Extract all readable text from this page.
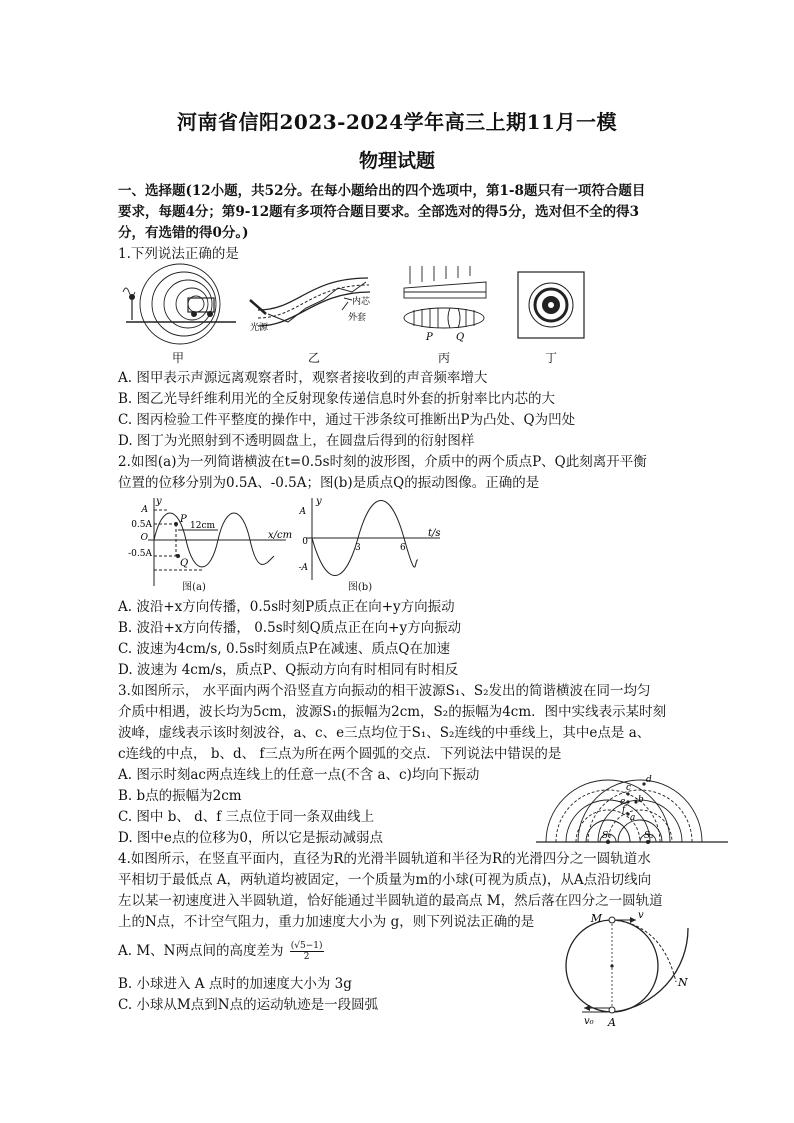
河南省信阳2023-2024学年高三上期11月一模
物理试题
一、选择题(12小题，共52分。在每小题给出的四个选项中，第1-8题只有一项符合题目
要求，每题4分；第9-12题有多项符合题目要求。全部选对的得5分，选对但不全的得3
分，有选错的得0分。)
1.下列说法正确的是
甲
光源
内芯
外套
乙
P Q
丙	丁
A. 图甲表示声源远离观察者时，观察者接收到的声音频率增大
B. 图乙光导纤维利用光的全反射现象传递信息时外套的折射率比内芯的大
C. 图丙检验工件平整度的操作中，通过干涉条纹可推断出P为凸处、Q为凹处
D. 图丁为光照射到不透明圆盘上，在圆盘后得到的衍射图样
2.如图(a)为一列简谐横波在t=0.5s时刻的波形图，介质中的两个质点P、Q此刻离开平衡
位置的位移分别为0.5A、-0.5A；图(b)是质点Q的振动图像。正确的是
y
x/cm
A
0.5A
O
-0.5A
P
Q
12cm
图(a)
y
t/s
A
0
-A
3	6
图(b)
A. 波沿+x方向传播，0.5s时刻P质点正在向+y方向振动
B. 波沿+x方向传播， 0.5s时刻Q质点正在向+y方向振动
C. 波速为4cm/s, 0.5s时刻质点P在减速、质点Q在加速
D. 波速为 4cm/s，质点P、Q振动方向有时相同有时相反
3.如图所示， 水平面内两个沿竖直方向振动的相干波源S₁、S₂发出的简谐横波在同一均匀
介质中相遇，波长均为5cm，波源S₁的振幅为2cm，S₂的振幅为4cm．图中实线表示某时刻
波峰，虚线表示该时刻波谷，a、c、e三点均位于S₁、S₂连线的中垂线上，其中e点是 a、
c连线的中点， b、d、 f三点为所在两个圆弧的交点．下列说法中错误的是
A. 图示时刻ac两点连线上的任意一点(不含 a、c)均向下振动
B. b点的振幅为2cm
C. 图中 b、 d、f 三点位于同一条双曲线上
D. 图中e点的位移为0，所以它是振动减弱点
a
b
c
d
e
f
S₁	S₂
4.如图所示，在竖直平面内，直径为R的光滑半圆轨道和半径为R的光滑四分之一圆轨道水
平相切于最低点 A，两轨道均被固定，一个质量为m的小球(可视为质点)，从A点沿切线向
左以某一初速度进入半圆轨道，恰好能通过半圆轨道的最高点 M，然后落在四分之一圆轨道
上的N点，不计空气阻力，重力加速度大小为 g，则下列说法正确的是
A. M、N两点间的高度差为 $\frac{(√5-1)}{2}$
B. 小球进入 A 点时的加速度大小为 3g
C. 小球从M点到N点的运动轨迹是一段圆弧
M	v
N
A
v₀
